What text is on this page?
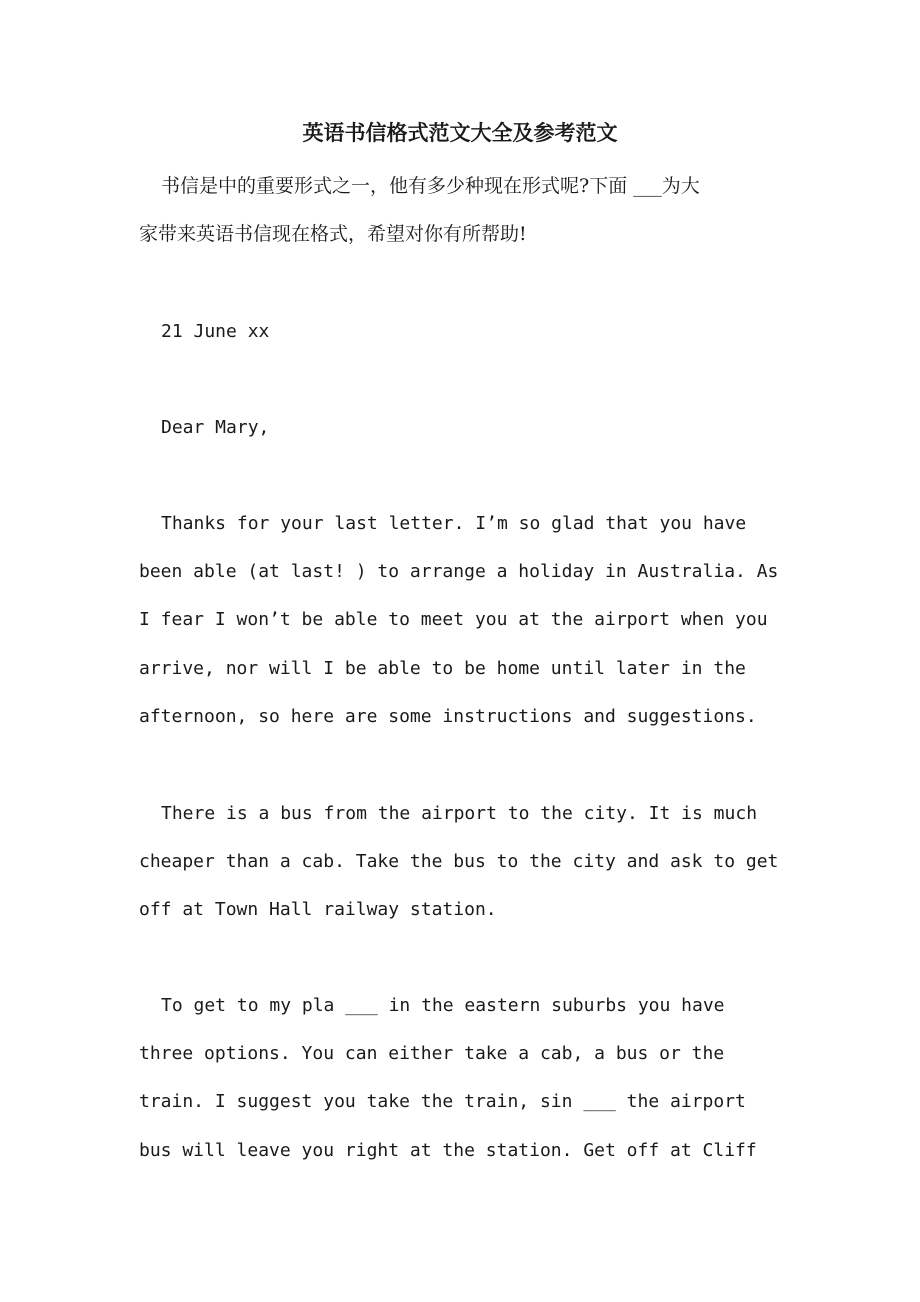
英语书信格式范文大全及参考范文

书信是中的重要形式之一，他有多少种现在形式呢?下面 ___为大
家带来英语书信现在格式，希望对你有所帮助!

21 June xx

Dear Mary,

Thanks for your last letter. I’m so glad that you have
been able (at last! ) to arrange a holiday in Australia. As
I fear I won’t be able to meet you at the airport when you
arrive, nor will I be able to be home until later in the
afternoon, so here are some instructions and suggestions.

There is a bus from the airport to the city. It is much
cheaper than a cab. Take the bus to the city and ask to get
off at Town Hall railway station.

To get to my pla ___ in the eastern suburbs you have
three options. You can either take a cab, a bus or the
train. I suggest you take the train, sin ___ the airport
bus will leave you right at the station. Get off at Cliff
